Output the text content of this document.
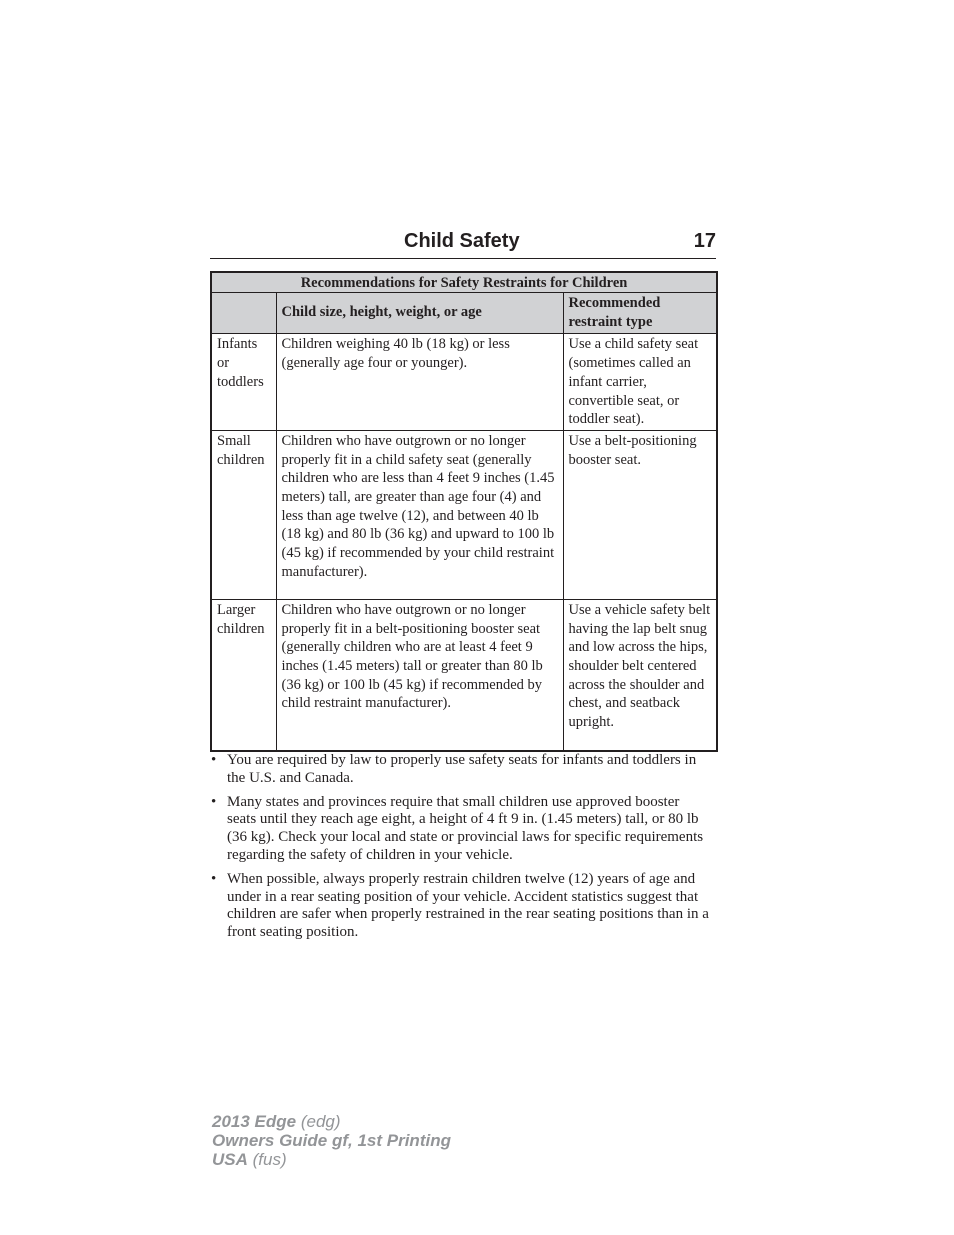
Child Safety	17
Recommendations for Safety Restraints for Children		
	Child size, height, weight, or age	Recommended restraint type
Infants or toddlers	Children weighing 40 lb (18 kg) or less (generally age four or younger).	Use a child safety seat (sometimes called an infant carrier, convertible seat, or toddler seat).
Small children	Children who have outgrown or no longer properly fit in a child safety seat (generally children who are less than 4 feet 9 inches (1.45 meters) tall, are greater than age four (4) and less than age twelve (12), and between 40 lb (18 kg) and 80 lb (36 kg) and upward to 100 lb (45 kg) if recommended by your child restraint manufacturer).	Use a belt-positioning booster seat.
Larger children	Children who have outgrown or no longer properly fit in a belt-positioning booster seat (generally children who are at least 4 feet 9 inches (1.45 meters) tall or greater than 80 lb (36 kg) or 100 lb (45 kg) if recommended by child restraint manufacturer).	Use a vehicle safety belt having the lap belt snug and low across the hips, shoulder belt centered across the shoulder and chest, and seatback upright.
• You are required by law to properly use safety seats for infants and toddlers in the U.S. and Canada.
• Many states and provinces require that small children use approved booster seats until they reach age eight, a height of 4 ft 9 in. (1.45 meters) tall, or 80 lb (36 kg). Check your local and state or provincial laws for specific requirements regarding the safety of children in your vehicle.
• When possible, always properly restrain children twelve (12) years of age and under in a rear seating position of your vehicle. Accident statistics suggest that children are safer when properly restrained in the rear seating positions than in a front seating position.
2013 Edge (edg)
Owners Guide gf, 1st Printing
USA (fus)
